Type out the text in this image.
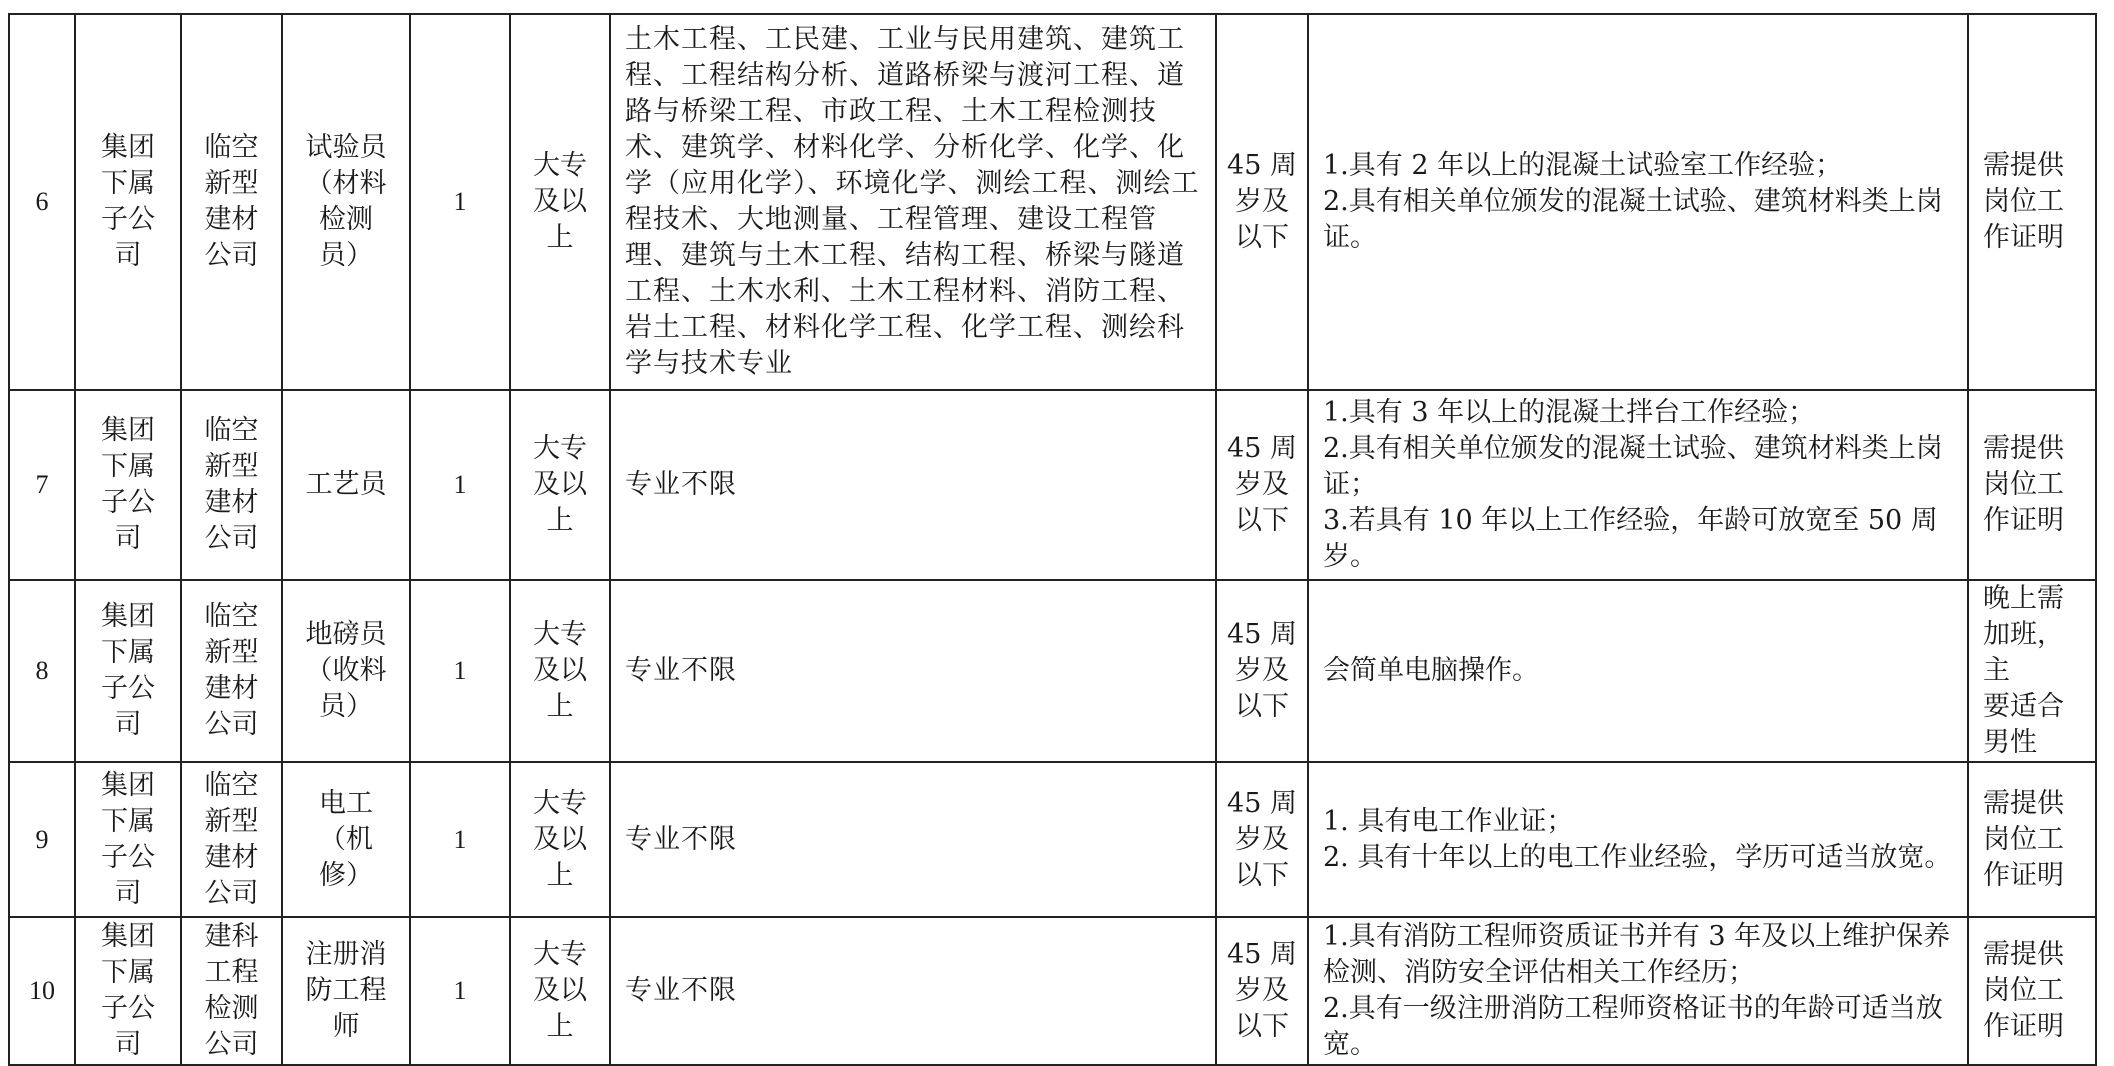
6	集团
下属
子公
司	临空
新型
建材
公司	试验员
（材料
检测
员）	1	大专
及以
上	土木工程、工民建、工业与民用建筑、建筑工程、工程结构分析、道路桥梁与渡河工程、道路与桥梁工程、市政工程、土木工程检测技术、建筑学、材料化学、分析化学、化学、化学（应用化学）、环境化学、测绘工程、测绘工程技术、大地测量、工程管理、建设工程管理、建筑与土木工程、结构工程、桥梁与隧道工程、土木水利、土木工程材料、消防工程、岩土工程、材料化学工程、化学工程、测绘科学与技术专业	45 周
岁及
以下	1.具有 2 年以上的混凝土试验室工作经验；
2.具有相关单位颁发的混凝土试验、建筑材料类上岗证。	需提供
岗位工
作证明

7	集团
下属
子公
司	临空
新型
建材
公司	工艺员	1	大专
及以
上	专业不限	45 周
岁及
以下	1.具有 3 年以上的混凝土拌台工作经验；
2.具有相关单位颁发的混凝土试验、建筑材料类上岗证；
3.若具有 10 年以上工作经验，年龄可放宽至 50 周岁。	需提供
岗位工
作证明

8	集团
下属
子公
司	临空
新型
建材
公司	地磅员
（收料
员）	1	大专
及以
上	专业不限	45 周
岁及
以下	会简单电脑操作。	晚上需
加班，主
要适合
男性

9	集团
下属
子公
司	临空
新型
建材
公司	电工
（机
修）	1	大专
及以
上	专业不限	45 周
岁及
以下	1. 具有电工作业证；
2. 具有十年以上的电工作业经验，学历可适当放宽。	需提供
岗位工
作证明

10	集团
下属
子公
司	建科
工程
检测
公司	注册消
防工程
师	1	大专
及以
上	专业不限	45 周
岁及
以下	1.具有消防工程师资质证书并有 3 年及以上维护保养检测、消防安全评估相关工作经历；
2.具有一级注册消防工程师资格证书的年龄可适当放宽。	需提供
岗位工
作证明
